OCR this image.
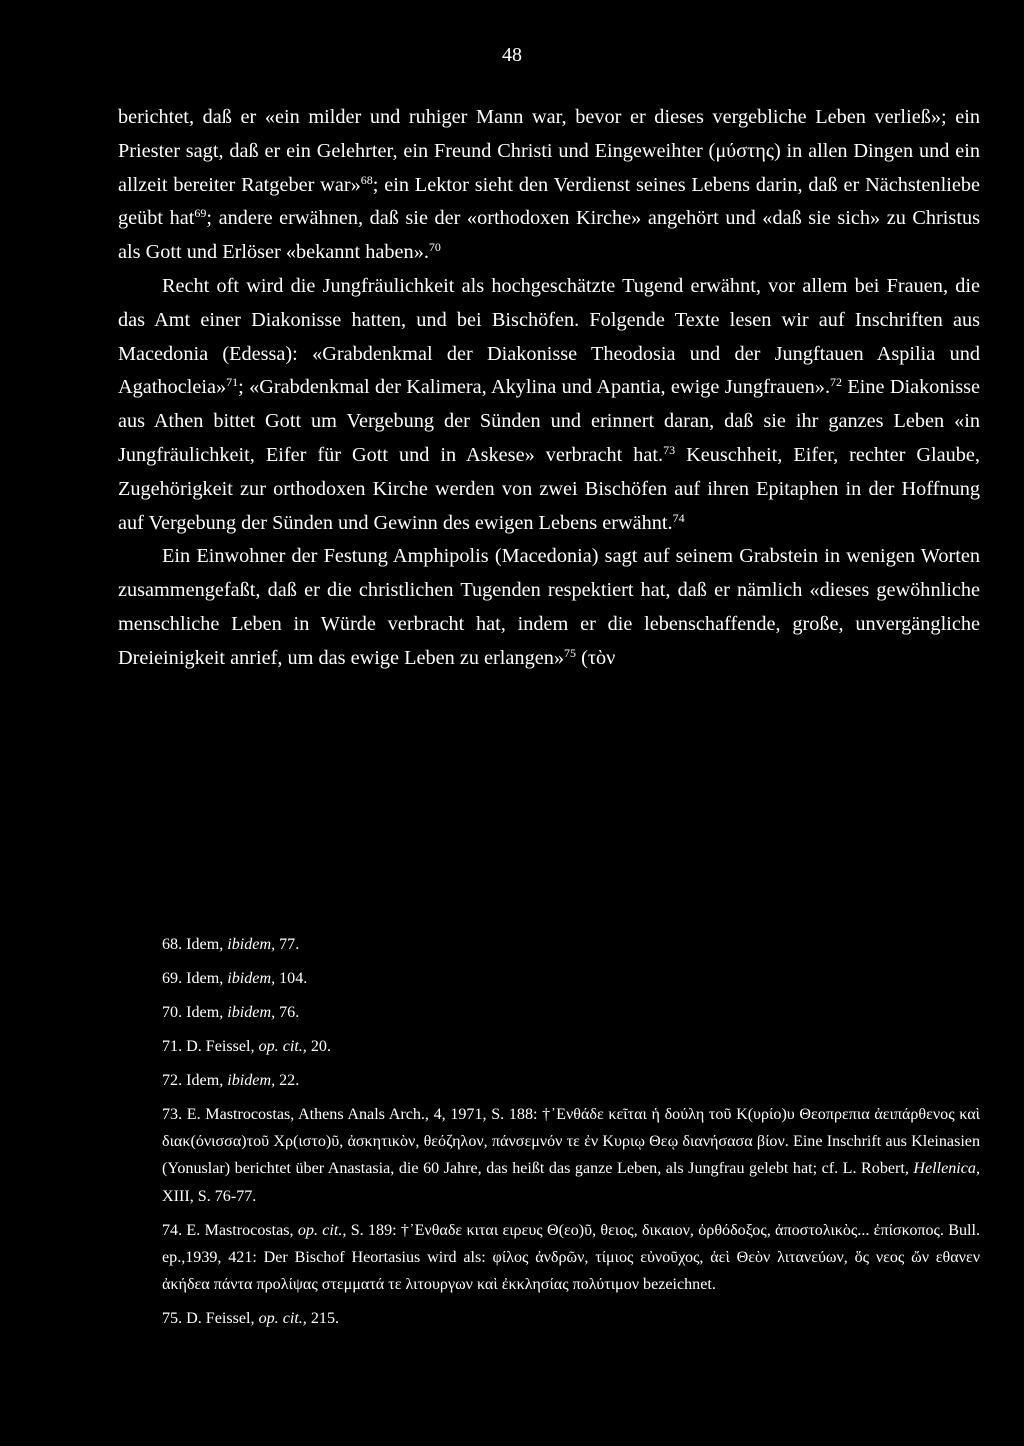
48

berichtet, daß er «ein milder und ruhiger Mann war, bevor er dieses vergebliche Leben verließ»; ein Priester sagt, daß er ein Gelehrter, ein Freund Christi und Eingeweihter (μύστης) in allen Dingen und ein allzeit bereiter Ratgeber war»$^{68}$; ein Lektor sieht den Verdienst seines Lebens darin, daß er Nächstenliebe geübt hat$^{69}$; andere erwähnen, daß sie der «orthodoxen Kirche» angehört und «daß sie sich» zu Christus als Gott und Erlöser «bekannt haben».$^{70}$

Recht oft wird die Jungfräulichkeit als hochgeschätzte Tugend erwähnt, vor allem bei Frauen, die das Amt einer Diakonisse hatten, und bei Bischöfen. Folgende Texte lesen wir auf Inschriften aus Macedonia (Edessa): «Grabdenkmal der Diakonisse Theodosia und der Jungftauen Aspilia und Agathocleia»$^{71}$; «Grabdenkmal der Kalimera, Akylina und Apantia, ewige Jungfrauen».$^{72}$ Eine Diakonisse aus Athen bittet Gott um Vergebung der Sünden und erinnert daran, daß sie ihr ganzes Leben «in Jungfräulichkeit, Eifer für Gott und in Askese» verbracht hat.$^{73}$ Keuschheit, Eifer, rechter Glaube, Zugehörigkeit zur orthodoxen Kirche werden von zwei Bischöfen auf ihren Epitaphen in der Hoffnung auf Vergebung der Sünden und Gewinn des ewigen Lebens erwähnt.$^{74}$

Ein Einwohner der Festung Amphipolis (Macedonia) sagt auf seinem Grabstein in wenigen Worten zusammengefaßt, daß er die christlichen Tugenden respektiert hat, daß er nämlich «dieses gewöhnliche menschliche Leben in Würde verbracht hat, indem er die lebenschaffende, große, unvergängliche Dreieinigkeit anrief, um das ewige Leben zu erlangen»$^{75}$ (τὸν

68. Idem, ibidem, 77.
69. Idem, ibidem, 104.
70. Idem, ibidem, 76.
71. D. Feissel, op. cit., 20.
72. Idem, ibidem, 22.
73. E. Mastrocostas, Athens Anals Arch., 4, 1971, S. 188: †᾿Ενθάδε κεῖται ἡ δούλη τοῦ Κ(υρίο)υ Θεοπρεπια ἀειπάρθενος καὶ διακ(όνισσα)τοῦ Χρ(ιστο)ῦ, ἀσκητικὸν, θεόζηλον, πάνσεμνόν τε ἐν Κυριῳ Θεῳ διανήσασα βίον. Eine Inschrift aus Kleinasien (Yonuslar) berichtet über Anastasia, die 60 Jahre, das heißt das ganze Leben, als Jungfrau gelebt hat; cf. L. Robert, Hellenica, XIII, S. 76-77.
74. E. Mastrocostas, op. cit., S. 189: †᾿Ενθαδε κιται ειρευς Θ(εο)ῦ, θειος, δικαιον, ὀρθόδοξος, ἀποστολικὸς... ἐπίσκοπος. Bull. ep.,1939, 421: Der Bischof Heortasius wird als: φίλος ἀνδρῶν, τίμιος εὐνοῦχος, ἀεὶ Θεὸν λιτανεύων, ὅς νεος ὤν εθανεν ἀκήδεα πάντα προλίψας στεμματά τε λιτουργων καὶ ἐκκλησίας πολύτιμον bezeichnet.
75. D. Feissel, op. cit., 215.
